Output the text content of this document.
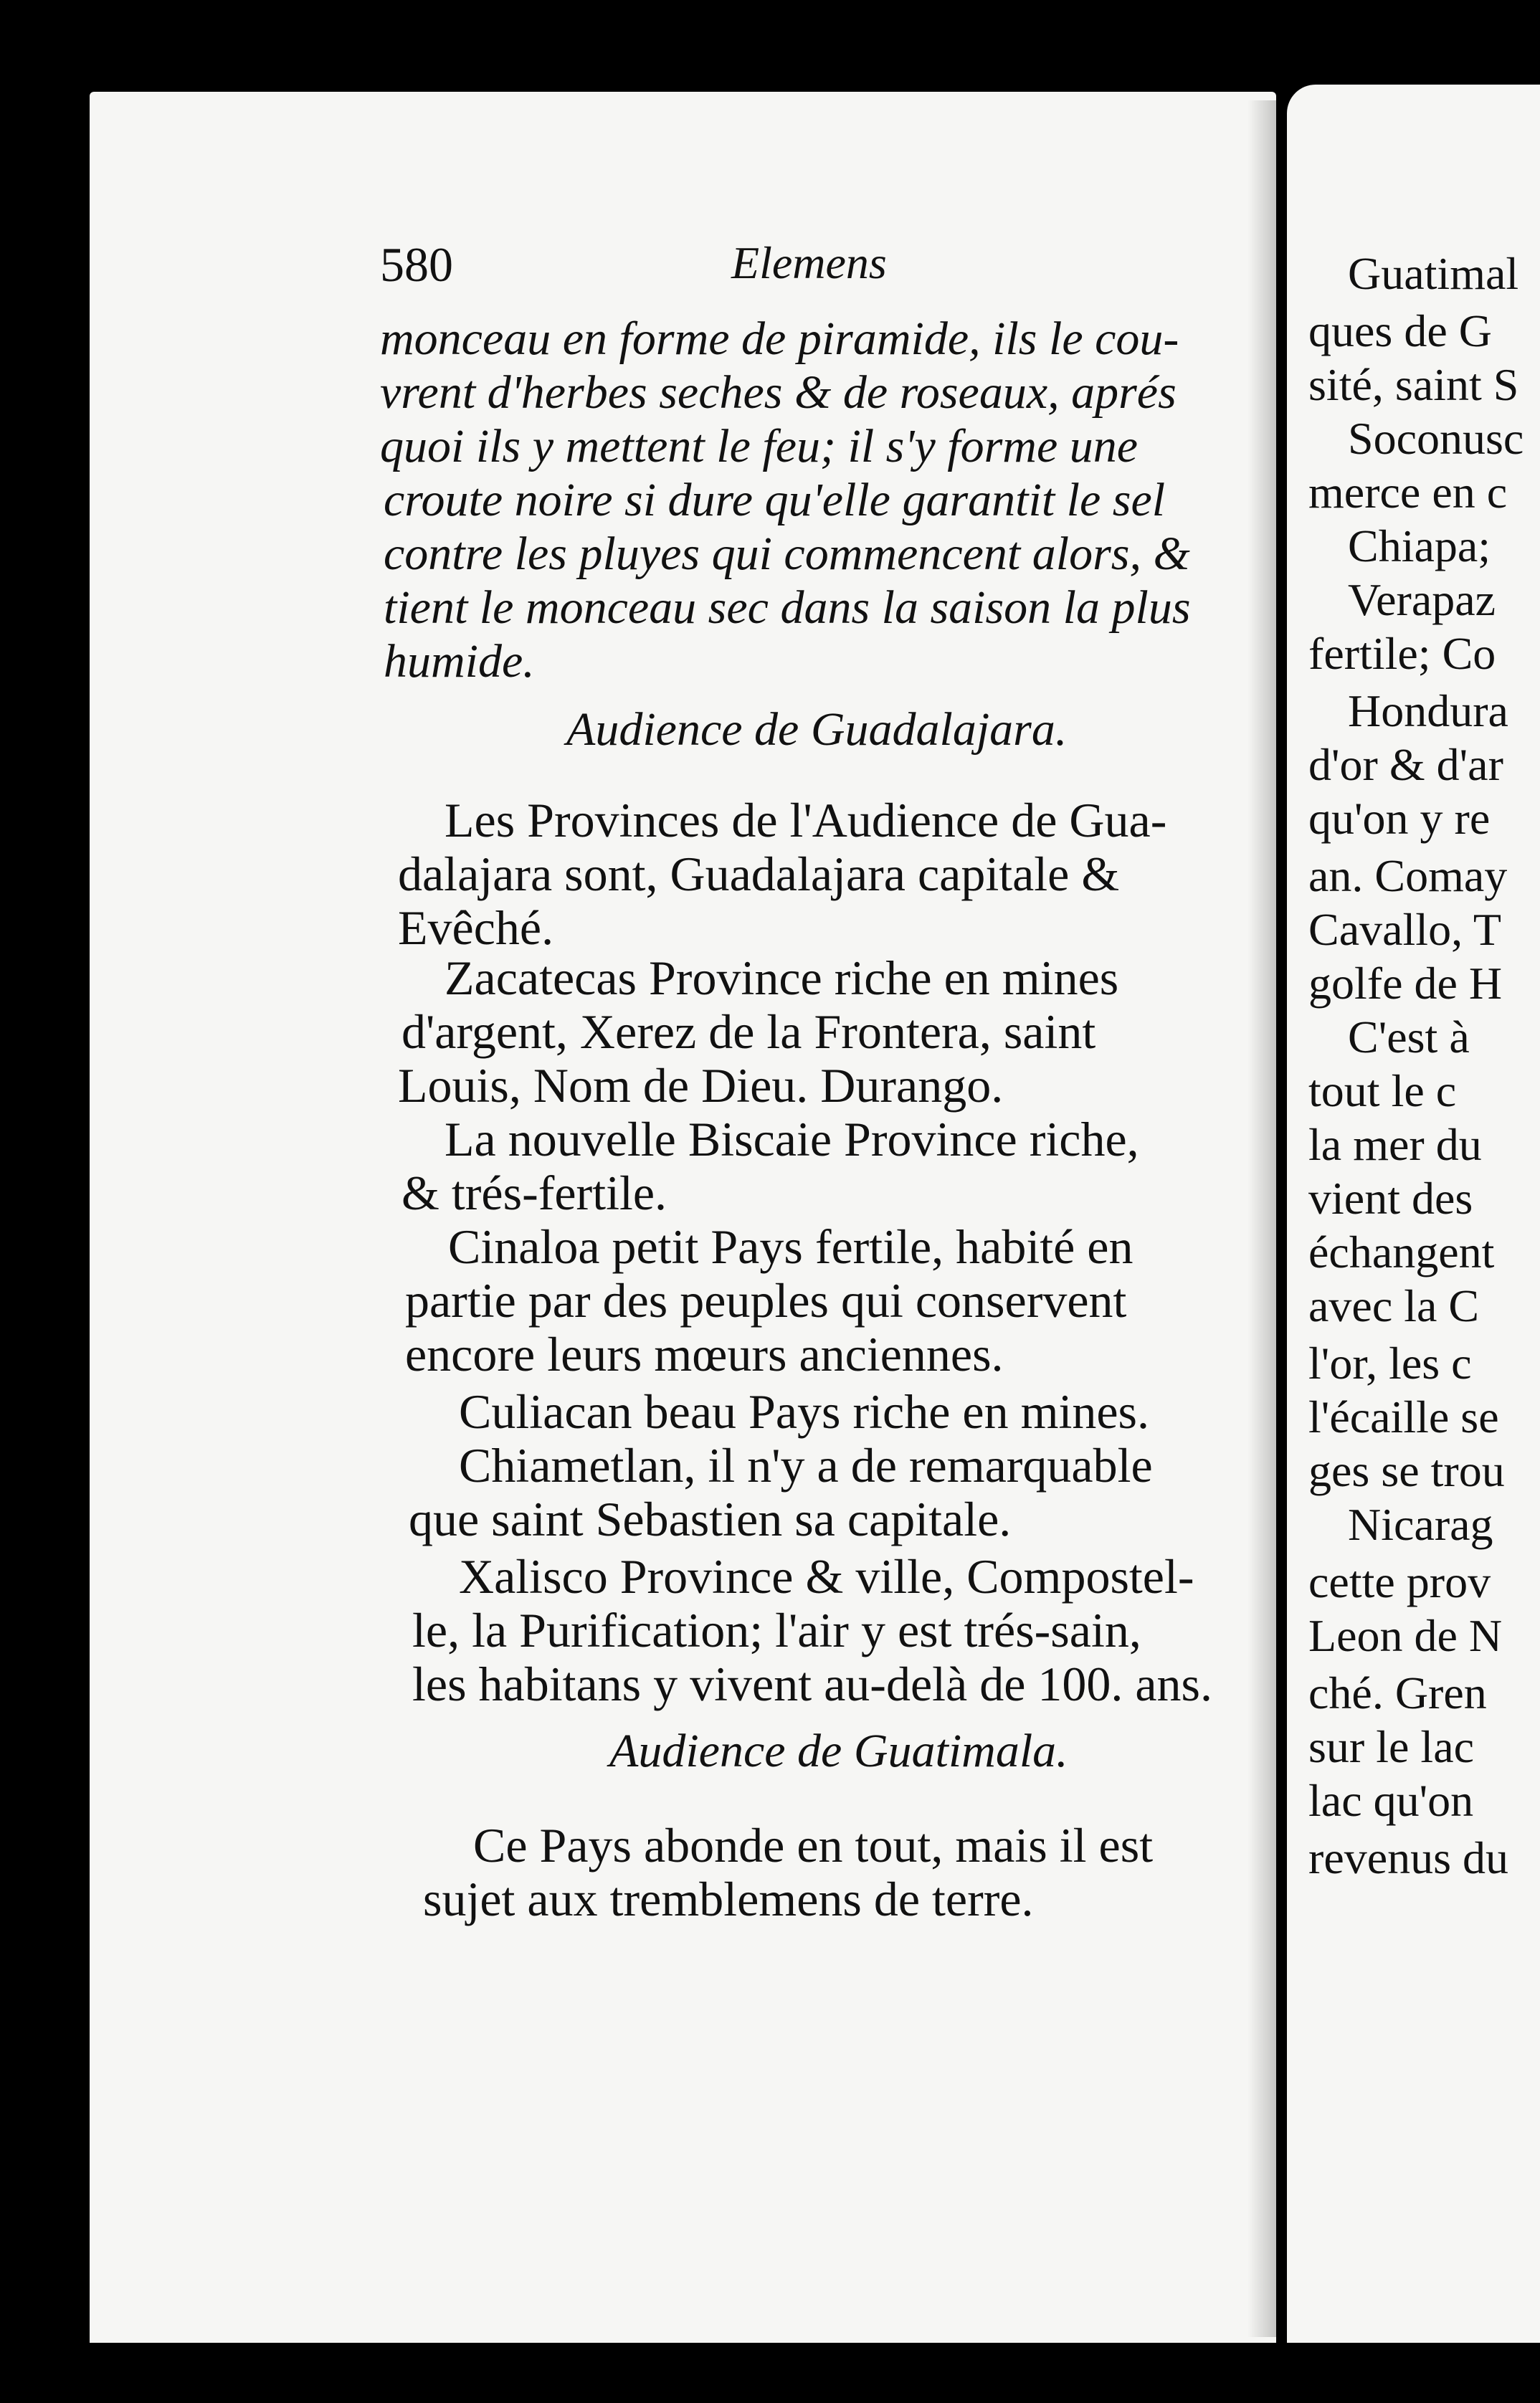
580	Elemens
monceau en forme de piramide, ils le cou-
vrent d'herbes seches & de roseaux, aprés
quoi ils y mettent le feu; il s'y forme une
croute noire si dure qu'elle garantit le sel
contre les pluyes qui commencent alors, &
tient le monceau sec dans la saison la plus
humide.
Audience de Guadalajara.
Les Provinces de l'Audience de Gua-
dalajara sont, Guadalajara capitale &
Evêché.
Zacatecas Province riche en mines
d'argent, Xerez de la Frontera, saint
Louis, Nom de Dieu. Durango.
La nouvelle Biscaie Province riche,
& trés-fertile.
Cinaloa petit Pays fertile, habité en
partie par des peuples qui conservent
encore leurs mœurs anciennes.
Culiacan beau Pays riche en mines.
Chiametlan, il n'y a de remarquable
que saint Sebastien sa capitale.
Xalisco Province & ville, Compostel-
le, la Purification; l'air y est trés-sain,
les habitans y vivent au-delà de 100. ans.
Audience de Guatimala.
Ce Pays abonde en tout, mais il est
sujet aux tremblemens de terre.
Guatimal
ques de G
sité, saint S
Soconusc
merce en c
Chiapa;
Verapaz
fertile; Co
Hondura
d'or & d'ar
qu'on y re
an. Comay
Cavallo, T
golfe de H
C'est à
tout le c
la mer du
vient des
échangent
avec la C
l'or, les c
l'écaille se
ges se trou
Nicarag
cette prov
Leon de N
ché. Gren
sur le lac
lac qu'on
revenus du
